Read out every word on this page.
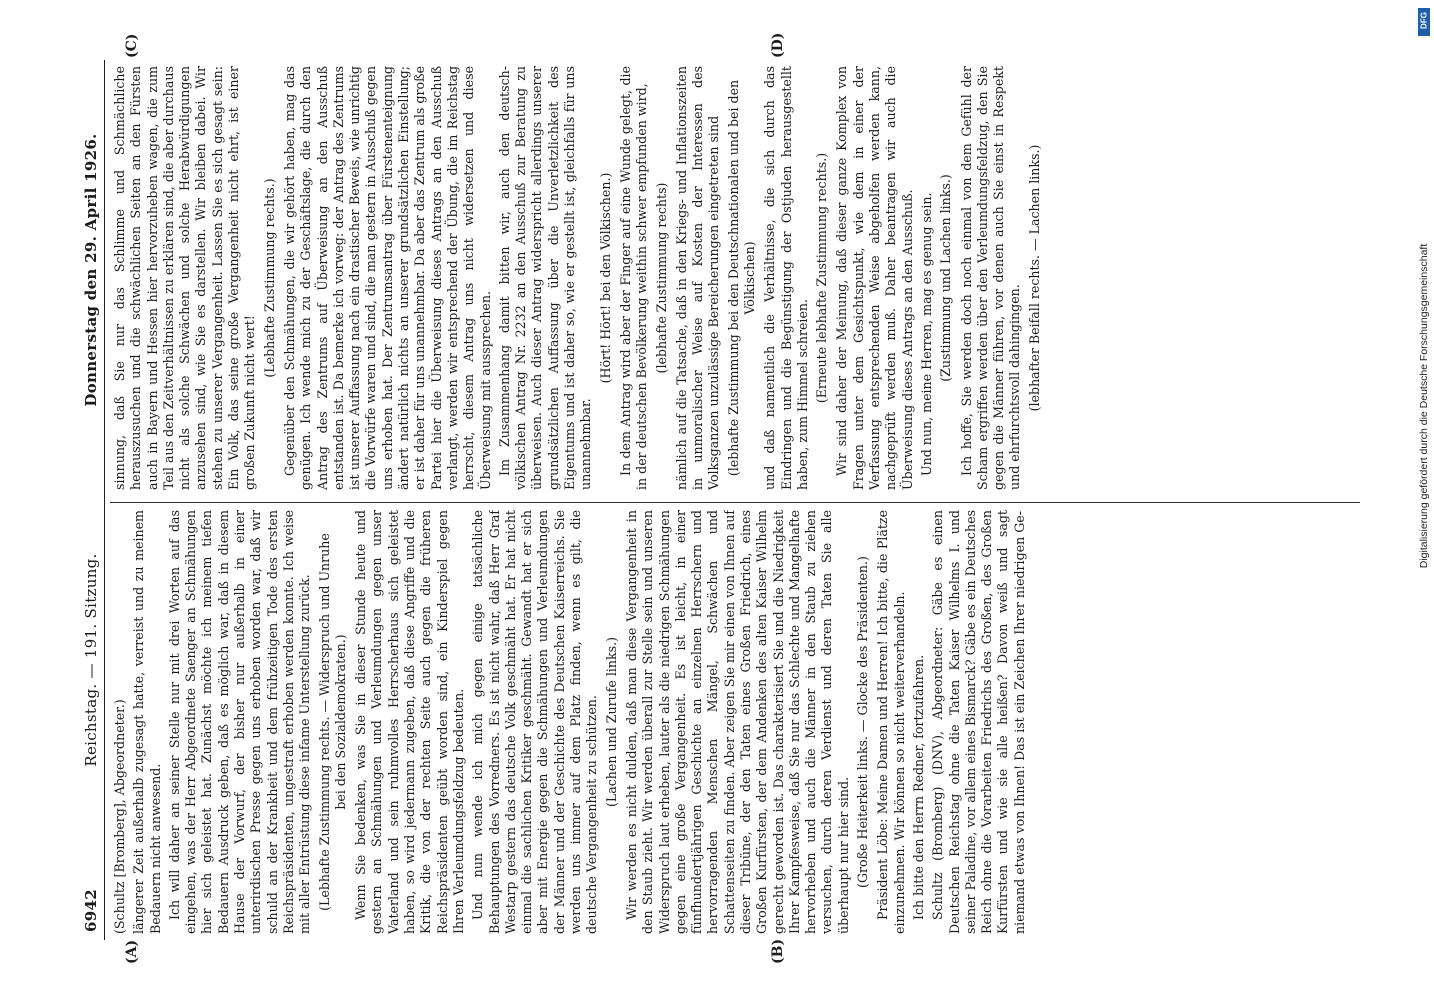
6942
Reichstag. — 191. Sitzung.
Donnerstag den 29. April 1926.

(Schultz [Bromberg], Abgeordneter.) längerer Zeit außerhalb zugesagt hatte, verreist und zu meinem Bedauern nicht anwesend. Ich will daher an seiner Stelle nur mit drei Worten auf das eingehen, was der Herr Abgeordnete Saenger an Schmähungen hier sich geleistet hat. Zunächst möchte ich meinem tiefen Bedauern Ausdruck geben, daß es möglich war, daß in diesem Hause der Vorwurf, der bisher nur außerhalb in einer unterirdischen Presse gegen uns erhoben worden war, daß wir schuld an der Krankheit und dem frühzeitigen Tode des ersten Reichspräsidenten, ungestraft erhoben werden konnte. Ich weise mit aller Entrüstung diese infame Unterstellung zurück. (Lebhafte Zustimmung rechts. — Widerspruch und Unruhe bei den Sozialdemokraten.) Wenn Sie bedenken, was Sie in dieser Stunde heute und gestern an Schmähungen und Verleumdungen gegen unser Vaterland und sein ruhmvolles Herrscherhaus sich geleistet haben, so wird jedermann zugeben, daß diese Angriffe und die Kritik, die von der rechten Seite auch gegen die früheren Reichspräsidenten geübt worden sind, ein Kinderspiel gegen Ihren Verleumdungsfeldzug bedeuten. Und nun wende ich mich gegen einige tatsächliche Behauptungen des Vorredners. Es ist nicht wahr, daß Herr Graf Westarp gestern das deutsche Volk geschmäht hat. Er hat nicht einmal die sachlichen Kritiker geschmäht. Gewandt hat er sich aber mit Energie gegen die Schmähungen und Verleumdungen der Männer und der Geschichte des Deutschen Kaiserreichs. Sie werden uns immer auf dem Platz finden, wenn es gilt, die deutsche Vergangenheit zu schützen. (Lachen und Zurufe links.) Wir werden es nicht dulden, daß man diese Vergangenheit in den Staub zieht. Wir werden überall zur Stelle sein und unseren Widerspruch laut erheben, lauter als die niedrigen Schmähungen gegen eine große Vergangenheit. Es ist leicht, in einer fünfhundertjährigen Geschichte an einzelnen Herrschern und hervorragenden Menschen Mängel, Schwächen und Schattenseiten zu finden. Aber zeigen Sie mir einen von Ihnen auf dieser Tribüne, der den Taten eines Großen Friedrich, eines Großen Kurfürsten, der dem Andenken des alten Kaiser Wilhelm gerecht geworden ist. Das charakterisiert Sie und die Niedrigkeit Ihrer Kampfesweise, daß Sie nur das Schlechte und Mangelhafte hervorheben und auch die Männer in den Staub zu ziehen versuchen, durch deren Verdienst und deren Taten Sie alle überhaupt nur hier sind. (Große Heiterkeit links. — Glocke des Präsidenten.) Präsident Löbe: Meine Damen und Herren! Ich bitte, die Plätze einzunehmen. Wir können so nicht weiterverhandeln. Ich bitte den Herrn Redner, fortzufahren. Schultz (Bromberg) (DNV), Abgeordneter: Gäbe es einen Deutschen Reichstag ohne die Taten Kaiser Wilhelms I. und seiner Paladine, vor allem eines Bismarck? Gäbe es ein Deutsches Reich ohne die Vorarbeiten Friedrichs des Großen, des Großen Kurfürsten und wie sie alle heißen? Davon weiß und sagt niemand etwas von Ihnen! Das ist ein Zeichen Ihrer niedrigen Ge-

sinnung, daß Sie nur das Schlimme und Schmächliche herauszusuchen und die schwächlichen Seiten an den Fürsten auch in Bayern und Hessen hier hervorzuheben wagen, die zum Teil aus den Zeitverhältnissen zu erklären sind, die aber durchaus nicht als solche Schwächen und solche Herabwürdigungen anzusehen sind, wie Sie es darstellen. Wir bleiben dabei. Wir stehen zu unserer Vergangenheit. Lassen Sie es sich gesagt sein: Ein Volk, das seine große Vergangenheit nicht ehrt, ist einer großen Zukunft nicht wert!

(Lebhafte Zustimmung rechts.) Gegenüber den Schmähungen, die wir gehört haben, mag das genügen. Ich wende mich zu der Geschäftslage, die durch den Antrag des Zentrums auf Überweisung an den Ausschuß entstanden ist. Da bemerke ich vorweg: der Antrag des Zentrums ist unserer Auffassung nach ein drastischer Beweis, wie unrichtig die Vorwürfe waren und sind, die man gestern in Ausschuß gegen uns erhoben hat. Der Zentrumsantrag über Fürstenenteignung ändert natürlich nichts an unserer grundsätzlichen Einstellung; er ist daher für uns unannehmbar. Da aber das Zentrum als große Partei hier die Überweisung dieses Antrags an den Ausschuß verlangt, werden wir entsprechend der Übung, die im Reichstag herrscht, diesem Antrag uns nicht widersetzen und diese Überweisung mit aussprechen. Im Zusammenhang damit bitten wir, auch den deutsch-völkischen Antrag Nr. 2232 an den Ausschuß zur Beratung zu überweisen. Auch dieser Antrag widerspricht allerdings unserer grundsätzlichen Auffassung über die Unverletzlichkeit des Eigentums und ist daher so, wie er gestellt ist, gleichfalls für uns unannehmbar.

(Hört! Hört! bei den Völkischen.) In dem Antrag wird aber der Finger auf eine Wunde gelegt, die in der deutschen Bevölkerung weithin schwer empfunden wird, (lebhafte Zustimmung rechts) nämlich auf die Tatsache, daß in den Kriegs- und Inflationszeiten in unmoralischer Weise auf Kosten der Interessen des Volksganzen unzulässige Bereicherungen eingetreten sind (lebhafte Zustimmung bei den Deutschnationalen und bei den Völkischen) und daß namentlich die Verhältnisse, die sich durch das Eindringen und die Begünstigung der Ostjuden herausgestellt haben, zum Himmel schreien. (Erneute lebhafte Zustimmung rechts.) Wir sind daher der Meinung, daß dieser ganze Komplex von Fragen unter dem Gesichtspunkt, wie dem in einer der Verfassung entsprechenden Weise abgeholfen werden kann, nachgeprüft werden muß. Daher beantragen wir auch die Überweisung dieses Antrags an den Ausschuß. Und nun, meine Herren, mag es genug sein. (Zustimmung und Lachen links.) Ich hoffe, Sie werden doch noch einmal von dem Gefühl der Scham ergriffen werden über den Verleumdungsfeldzug, den Sie gegen die Männer führen, vor denen auch Sie einst in Respekt und ehrfurchtsvoll dahingingen. (lebhafter Beifall rechts. — Lachen links.)

(A)	(B)
(C)	(D)
DFG
Digitalisierung gefördert durch die Deutsche Forschungsgemeinschaft
